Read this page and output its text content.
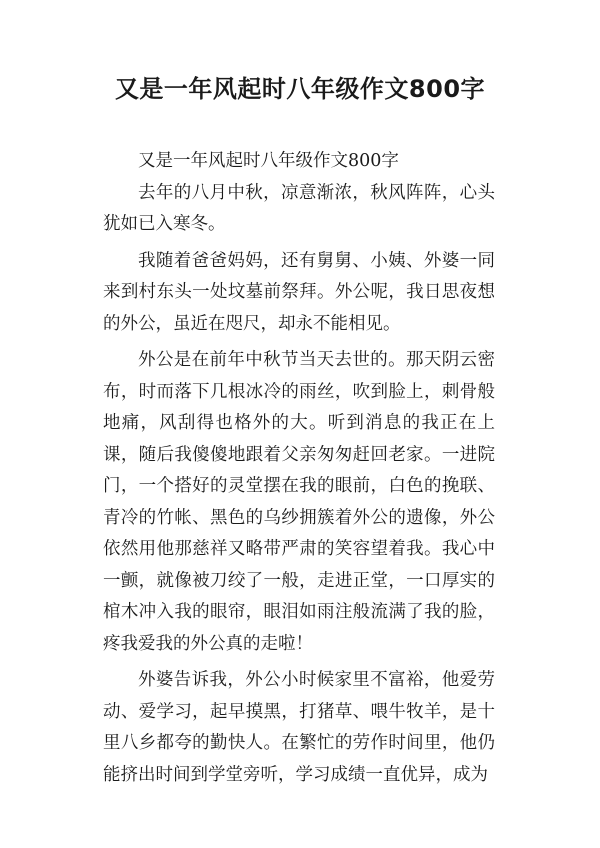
又是一年风起时八年级作文800字

又是一年风起时八年级作文800字

去年的八月中秋，凉意渐浓，秋风阵阵，心头犹如已入寒冬。

我随着爸爸妈妈，还有舅舅、小姨、外婆一同来到村东头一处坟墓前祭拜。外公呢，我日思夜想的外公，虽近在咫尺，却永不能相见。

外公是在前年中秋节当天去世的。那天阴云密布，时而落下几根冰冷的雨丝，吹到脸上，刺骨般地痛，风刮得也格外的大。听到消息的我正在上课，随后我傻傻地跟着父亲匆匆赶回老家。一进院门，一个搭好的灵堂摆在我的眼前，白色的挽联、青冷的竹帐、黑色的乌纱拥簇着外公的遗像，外公依然用他那慈祥又略带严肃的笑容望着我。我心中一颤，就像被刀绞了一般，走进正堂，一口厚实的棺木冲入我的眼帘，眼泪如雨注般流满了我的脸，疼我爱我的外公真的走啦！

外婆告诉我，外公小时候家里不富裕，他爱劳动、爱学习，起早摸黑，打猪草、喂牛牧羊，是十里八乡都夸的勤快人。在繁忙的劳作时间里，他仍能挤出时间到学堂旁听，学习成绩一直优异，成为
